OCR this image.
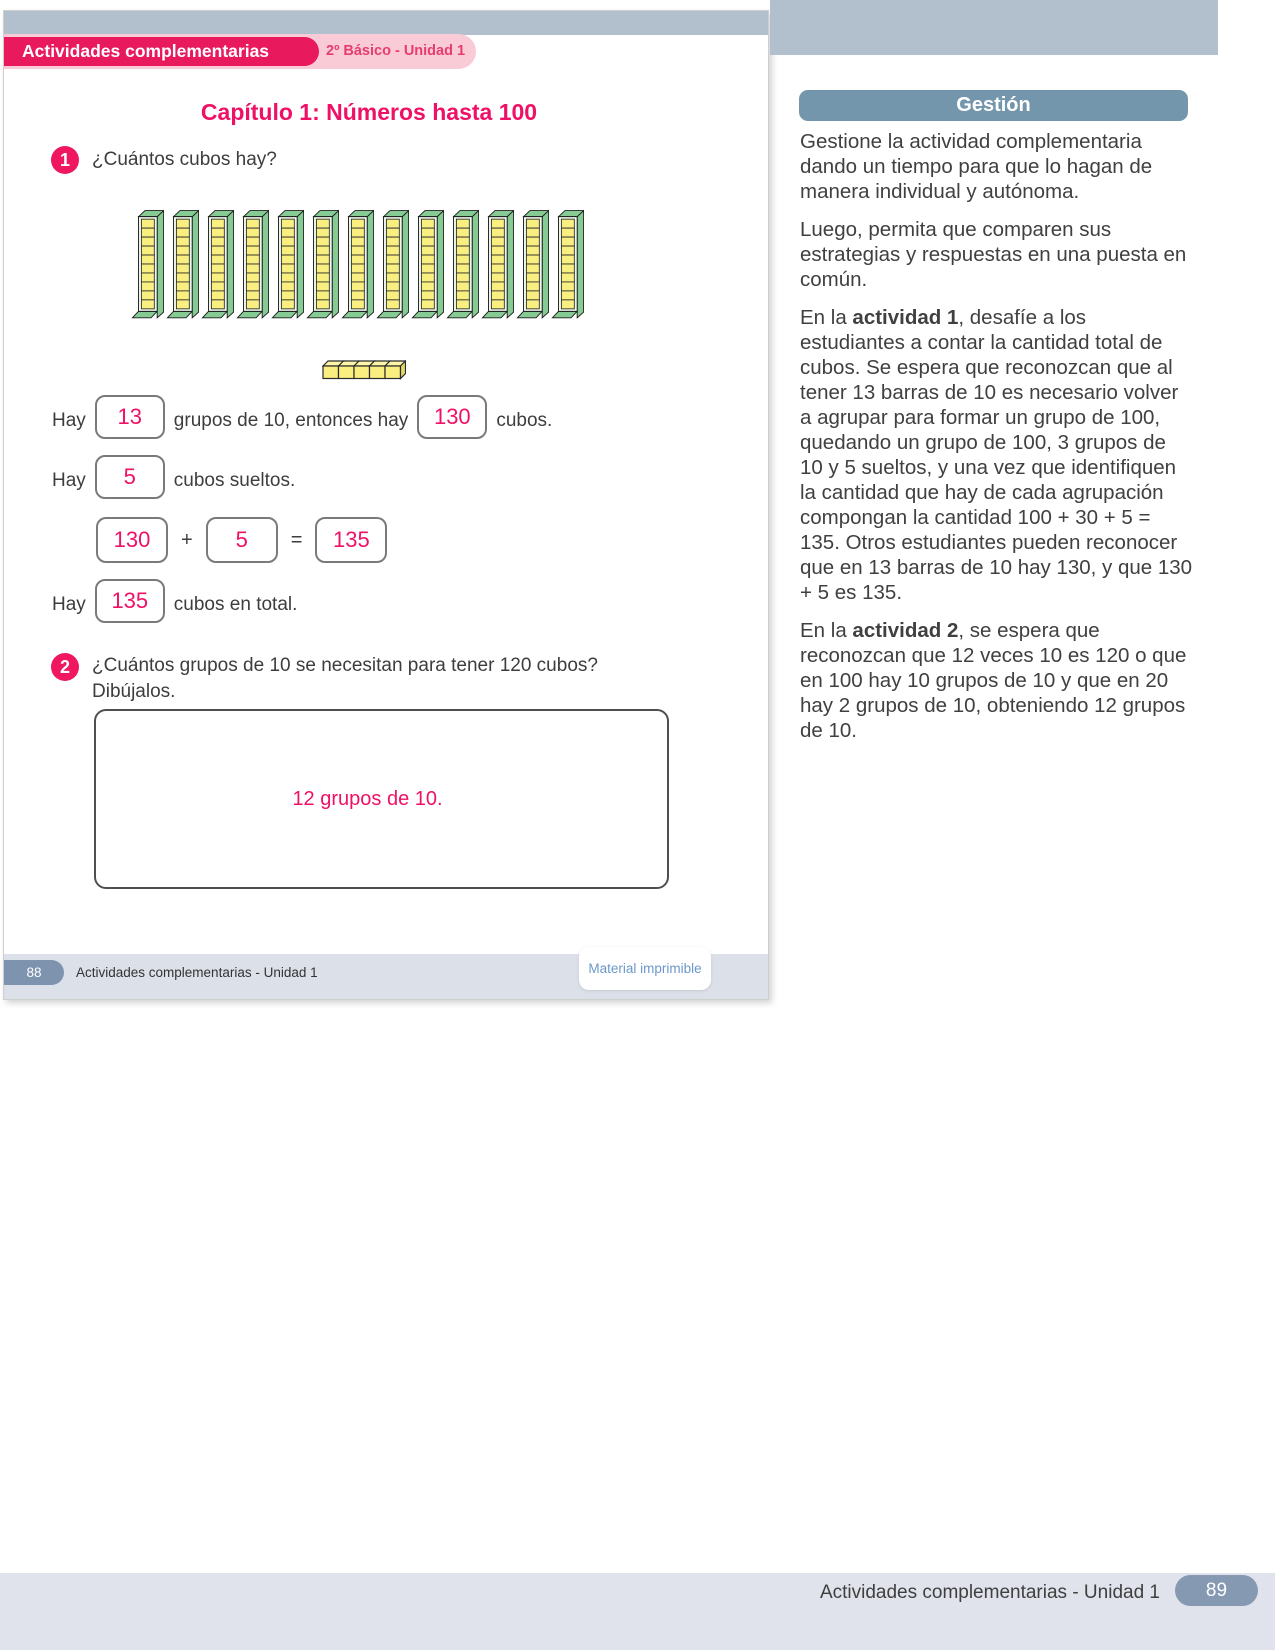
2º Básico - Unidad 1
Actividades complementarias
Capítulo 1: Números hasta 100
1	¿Cuántos cubos hay?
Hay 13 grupos de 10, entonces hay 130 cubos.
Hay 5 cubos sueltos.
130 + 5 = 135
Hay 135 cubos en total.
2	¿Cuántos grupos de 10 se necesitan para tener 120 cubos?
Dibújalos.
12 grupos de 10.
88	Actividades complementarias - Unidad 1	Material imprimible
Gestión

Gestione la actividad complementaria dando un tiempo para que lo hagan de manera individual y autónoma.

Luego, permita que comparen sus estrategias y respuestas en una puesta en común.

En la actividad 1, desafíe a los estudiantes a contar la cantidad total de cubos. Se espera que reconozcan que al tener 13 barras de 10 es necesario volver a agrupar para formar un grupo de 100, quedando un grupo de 100, 3 grupos de 10 y 5 sueltos, y una vez que identifiquen la cantidad que hay de cada agrupación compongan la cantidad 100 + 30 + 5 = 135. Otros estudiantes pueden reconocer que en 13 barras de 10 hay 130, y que 130 + 5 es 135.

En la actividad 2, se espera que reconozcan que 12 veces 10 es 120 o que en 100 hay 10 grupos de 10 y que en 20 hay 2 grupos de 10, obteniendo 12 grupos de 10.

Actividades complementarias - Unidad 1	89
